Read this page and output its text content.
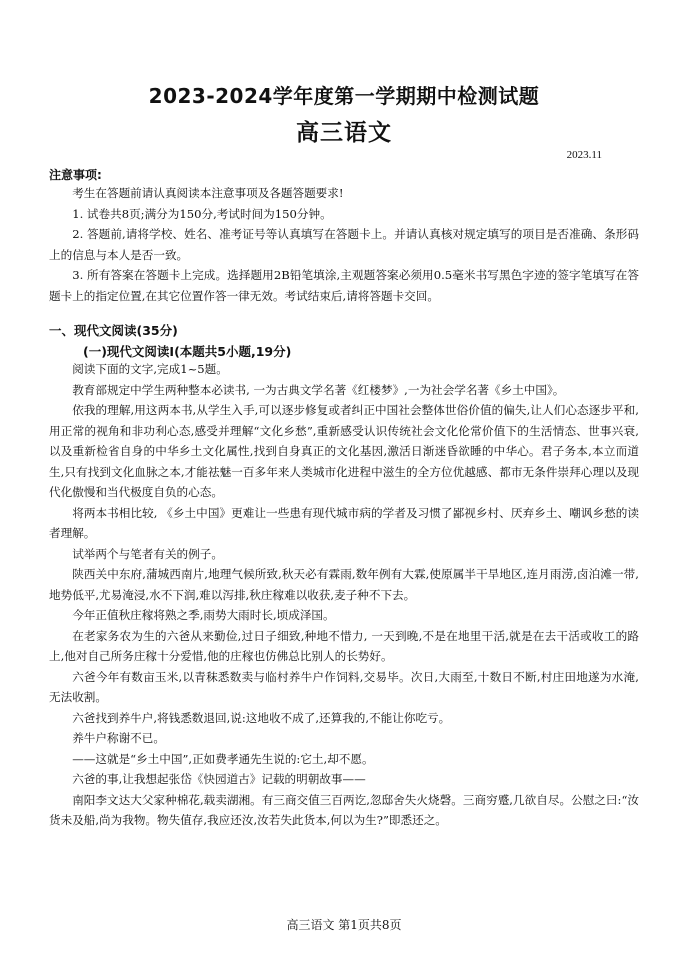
2023-2024学年度第一学期期中检测试题
高三语文
2023.11
注意事项:

考生在答题前请认真阅读本注意事项及各题答题要求!

1. 试卷共8页;满分为150分,考试时间为150分钟。

2. 答题前,请将学校、姓名、准考证号等认真填写在答题卡上。并请认真核对规定填写的项目是否准确、条形码上的信息与本人是否一致。

3. 所有答案在答题卡上完成。选择题用2B铅笔填涂,主观题答案必须用0.5毫米书写黑色字迹的签字笔填写在答题卡上的指定位置,在其它位置作答一律无效。考试结束后,请将答题卡交回。

一、现代文阅读(35分)
(一)现代文阅读Ⅰ(本题共5小题,19分)

阅读下面的文字,完成1~5题。

教育部规定中学生两种整本必读书, 一为古典文学名著《红楼梦》,一为社会学名著《乡土中国》。

依我的理解,用这两本书,从学生入手,可以逐步修复或者纠正中国社会整体世俗价值的偏失,让人们心态逐步平和,用正常的视角和非功利心态,感受并理解“文化乡愁”,重新感受认识传统社会文化伦常价值下的生活情态、世事兴衰,以及重新检省自身的中华乡土文化属性,找到自身真正的文化基因,激活日渐迷昏欲睡的中华心。君子务本,本立而道生,只有找到文化血脉之本,才能祛魅一百多年来人类城市化进程中滋生的全方位优越感、都市无条件崇拜心理以及现代化傲慢和当代极度自负的心态。

将两本书相比较, 《乡土中国》更难让一些患有现代城市病的学者及习惯了鄙视乡村、厌弃乡土、嘲讽乡愁的读者理解。

试举两个与笔者有关的例子。

陕西关中东府,蒲城西南片,地理气候所致,秋天必有霖雨,数年例有大霖,使原属半干旱地区,连月雨涝,卤泊滩一带,地势低平,尤易淹浸,水不下润,难以泻排,秋庄稼难以收获,麦子种不下去。

今年正值秋庄稼将熟之季,雨势大雨时长,顷成泽国。

在老家务农为生的六爸从来勤俭,过日子细致,种地不惜力, 一天到晚,不是在地里干活,就是在去干活或收工的路上,他对自己所务庄稼十分爱惜,他的庄稼也仿佛总比别人的长势好。

六爸今年有数亩玉米,以青秣悉数卖与临村养牛户作饲料,交易毕。次日,大雨至,十数日不断,村庄田地遂为水淹,无法收割。

六爸找到养牛户,将钱悉数退回,说:这地收不成了,还算我的,不能让你吃亏。

养牛户称谢不已。

——这就是“乡土中国”,正如费孝通先生说的:它土,却不愿。

六爸的事,让我想起张岱《快园道古》记载的明朝故事——

南阳李文达大父家种棉花,载卖湖湘。有三商交值三百两讫,忽邸舍失火烧磬。三商穷蹙,几欲自尽。公慰之曰:“汝货未及船,尚为我物。物失值存,我应还汝,汝若失此货本,何以为生?”即悉还之。

高三语文 第1页共8页
